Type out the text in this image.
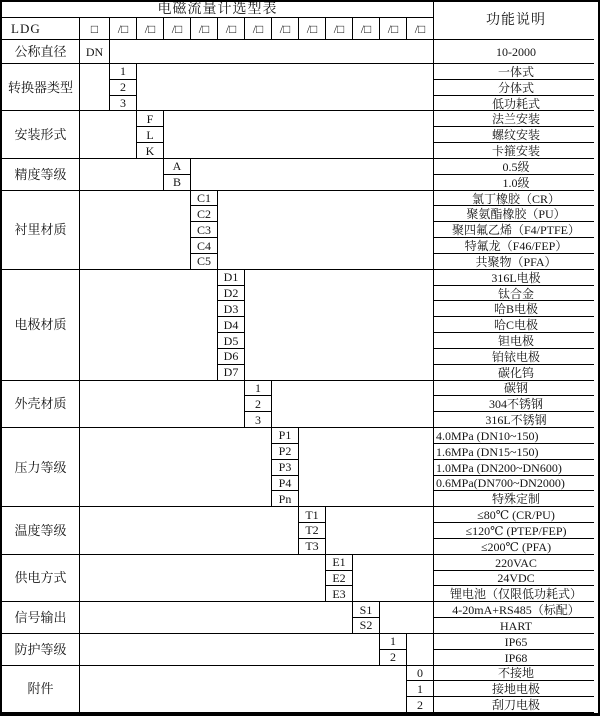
电磁流量计选型表
功能说明
LDG	□	/□	/□	/□	/□	/□	/□	/□	/□	/□	/□	/□	/□
公称直径	DN	10-2000
转换器类型
1	一体式
2	分体式
3	低功耗式
安装形式
F	法兰安装
L	螺纹安装
K	卡箍安装
精度等级
A	0.5级
B	1.0级
衬里材质
C1	氯丁橡胶（CR）
C2	聚氨酯橡胶（PU）
C3	聚四氟乙烯（F4/PTFE）
C4	特氟龙（F46/FEP）
C5	共聚物（PFA）
电极材质
D1	316L电极
D2	钛合金
D3	哈B电极
D4	哈C电极
D5	钽电极
D6	铂铱电极
D7	碳化钨
外壳材质
1	碳钢
2	304不锈钢
3	316L不锈钢
压力等级
P1	4.0MPa (DN10~150)
P2	1.6MPa (DN15~150)
P3	1.0MPa (DN200~DN600)
P4	0.6MPa(DN700~DN2000)
Pn	特殊定制
温度等级
T1	≤80℃ (CR/PU)
T2	≤120℃ (PTEP/FEP)
T3	≤200℃ (PFA)
供电方式
E1	220VAC
E2	24VDC
E3	锂电池（仅限低功耗式）
信号输出
S1	4-20mA+RS485（标配）
S2	HART
防护等级
1	IP65
2	IP68
附件
0	不接地
1	接地电极
2	刮刀电极
